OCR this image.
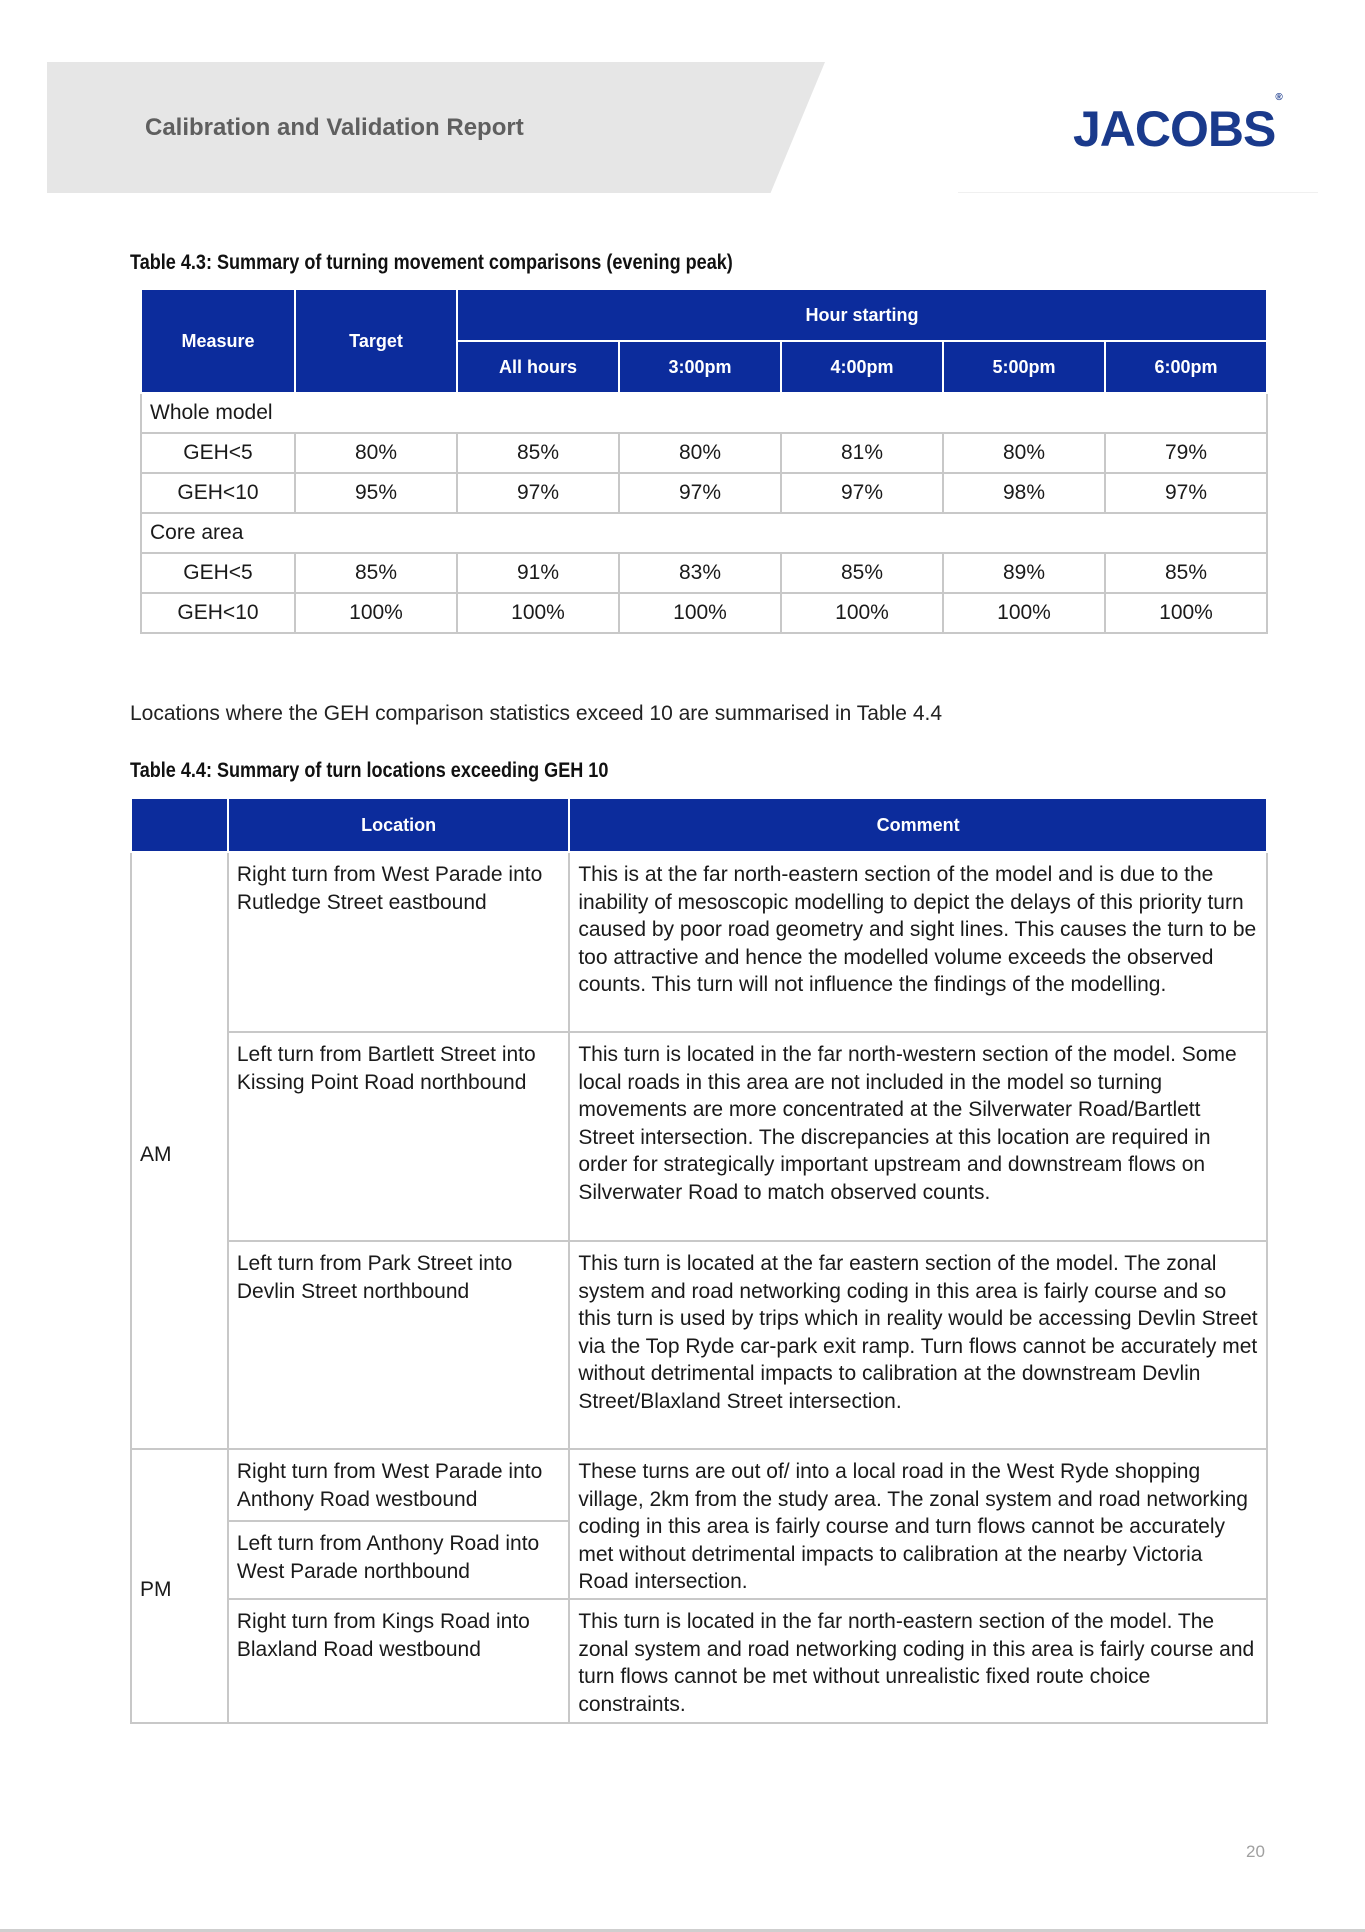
Calibration and Validation Report	JACOBS®
Table 4.3: Summary of turning movement comparisons (evening peak)
Measure	Target	Hour starting				
		All hours	3:00pm	4:00pm	5:00pm	6:00pm
Whole model						
GEH<5	80%	85%	80%	81%	80%	79%
GEH<10	95%	97%	97%	97%	98%	97%
Core area						
GEH<5	85%	91%	83%	85%	89%	85%
GEH<10	100%	100%	100%	100%	100%	100%
Locations where the GEH comparison statistics exceed 10 are summarised in Table 4.4
Table 4.4: Summary of turn locations exceeding GEH 10
	Location	Comment
AM	Right turn from West Parade into Rutledge Street eastbound	This is at the far north-eastern section of the model and is due to the inability of mesoscopic modelling to depict the delays of this priority turn caused by poor road geometry and sight lines. This causes the turn to be too attractive and hence the modelled volume exceeds the observed counts. This turn will not influence the findings of the modelling.
	Left turn from Bartlett Street into Kissing Point Road northbound	This turn is located in the far north-western section of the model. Some local roads in this area are not included in the model so turning movements are more concentrated at the Silverwater Road/Bartlett Street intersection. The discrepancies at this location are required in order for strategically important upstream and downstream flows on Silverwater Road to match observed counts.
	Left turn from Park Street into Devlin Street northbound	This turn is located at the far eastern section of the model. The zonal system and road networking coding in this area is fairly course and so this turn is used by trips which in reality would be accessing Devlin Street via the Top Ryde car-park exit ramp. Turn flows cannot be accurately met without detrimental impacts to calibration at the downstream Devlin Street/Blaxland Street intersection.
PM	Right turn from West Parade into Anthony Road westbound	These turns are out of/ into a local road in the West Ryde shopping village, 2km from the study area. The zonal system and road networking coding in this area is fairly course and turn flows cannot be accurately met without detrimental impacts to calibration at the nearby Victoria Road intersection.
	Left turn from Anthony Road into West Parade northbound	
	Right turn from Kings Road into Blaxland Road westbound	This turn is located in the far north-eastern section of the model. The zonal system and road networking coding in this area is fairly course and turn flows cannot be met without unrealistic fixed route choice constraints.
20
